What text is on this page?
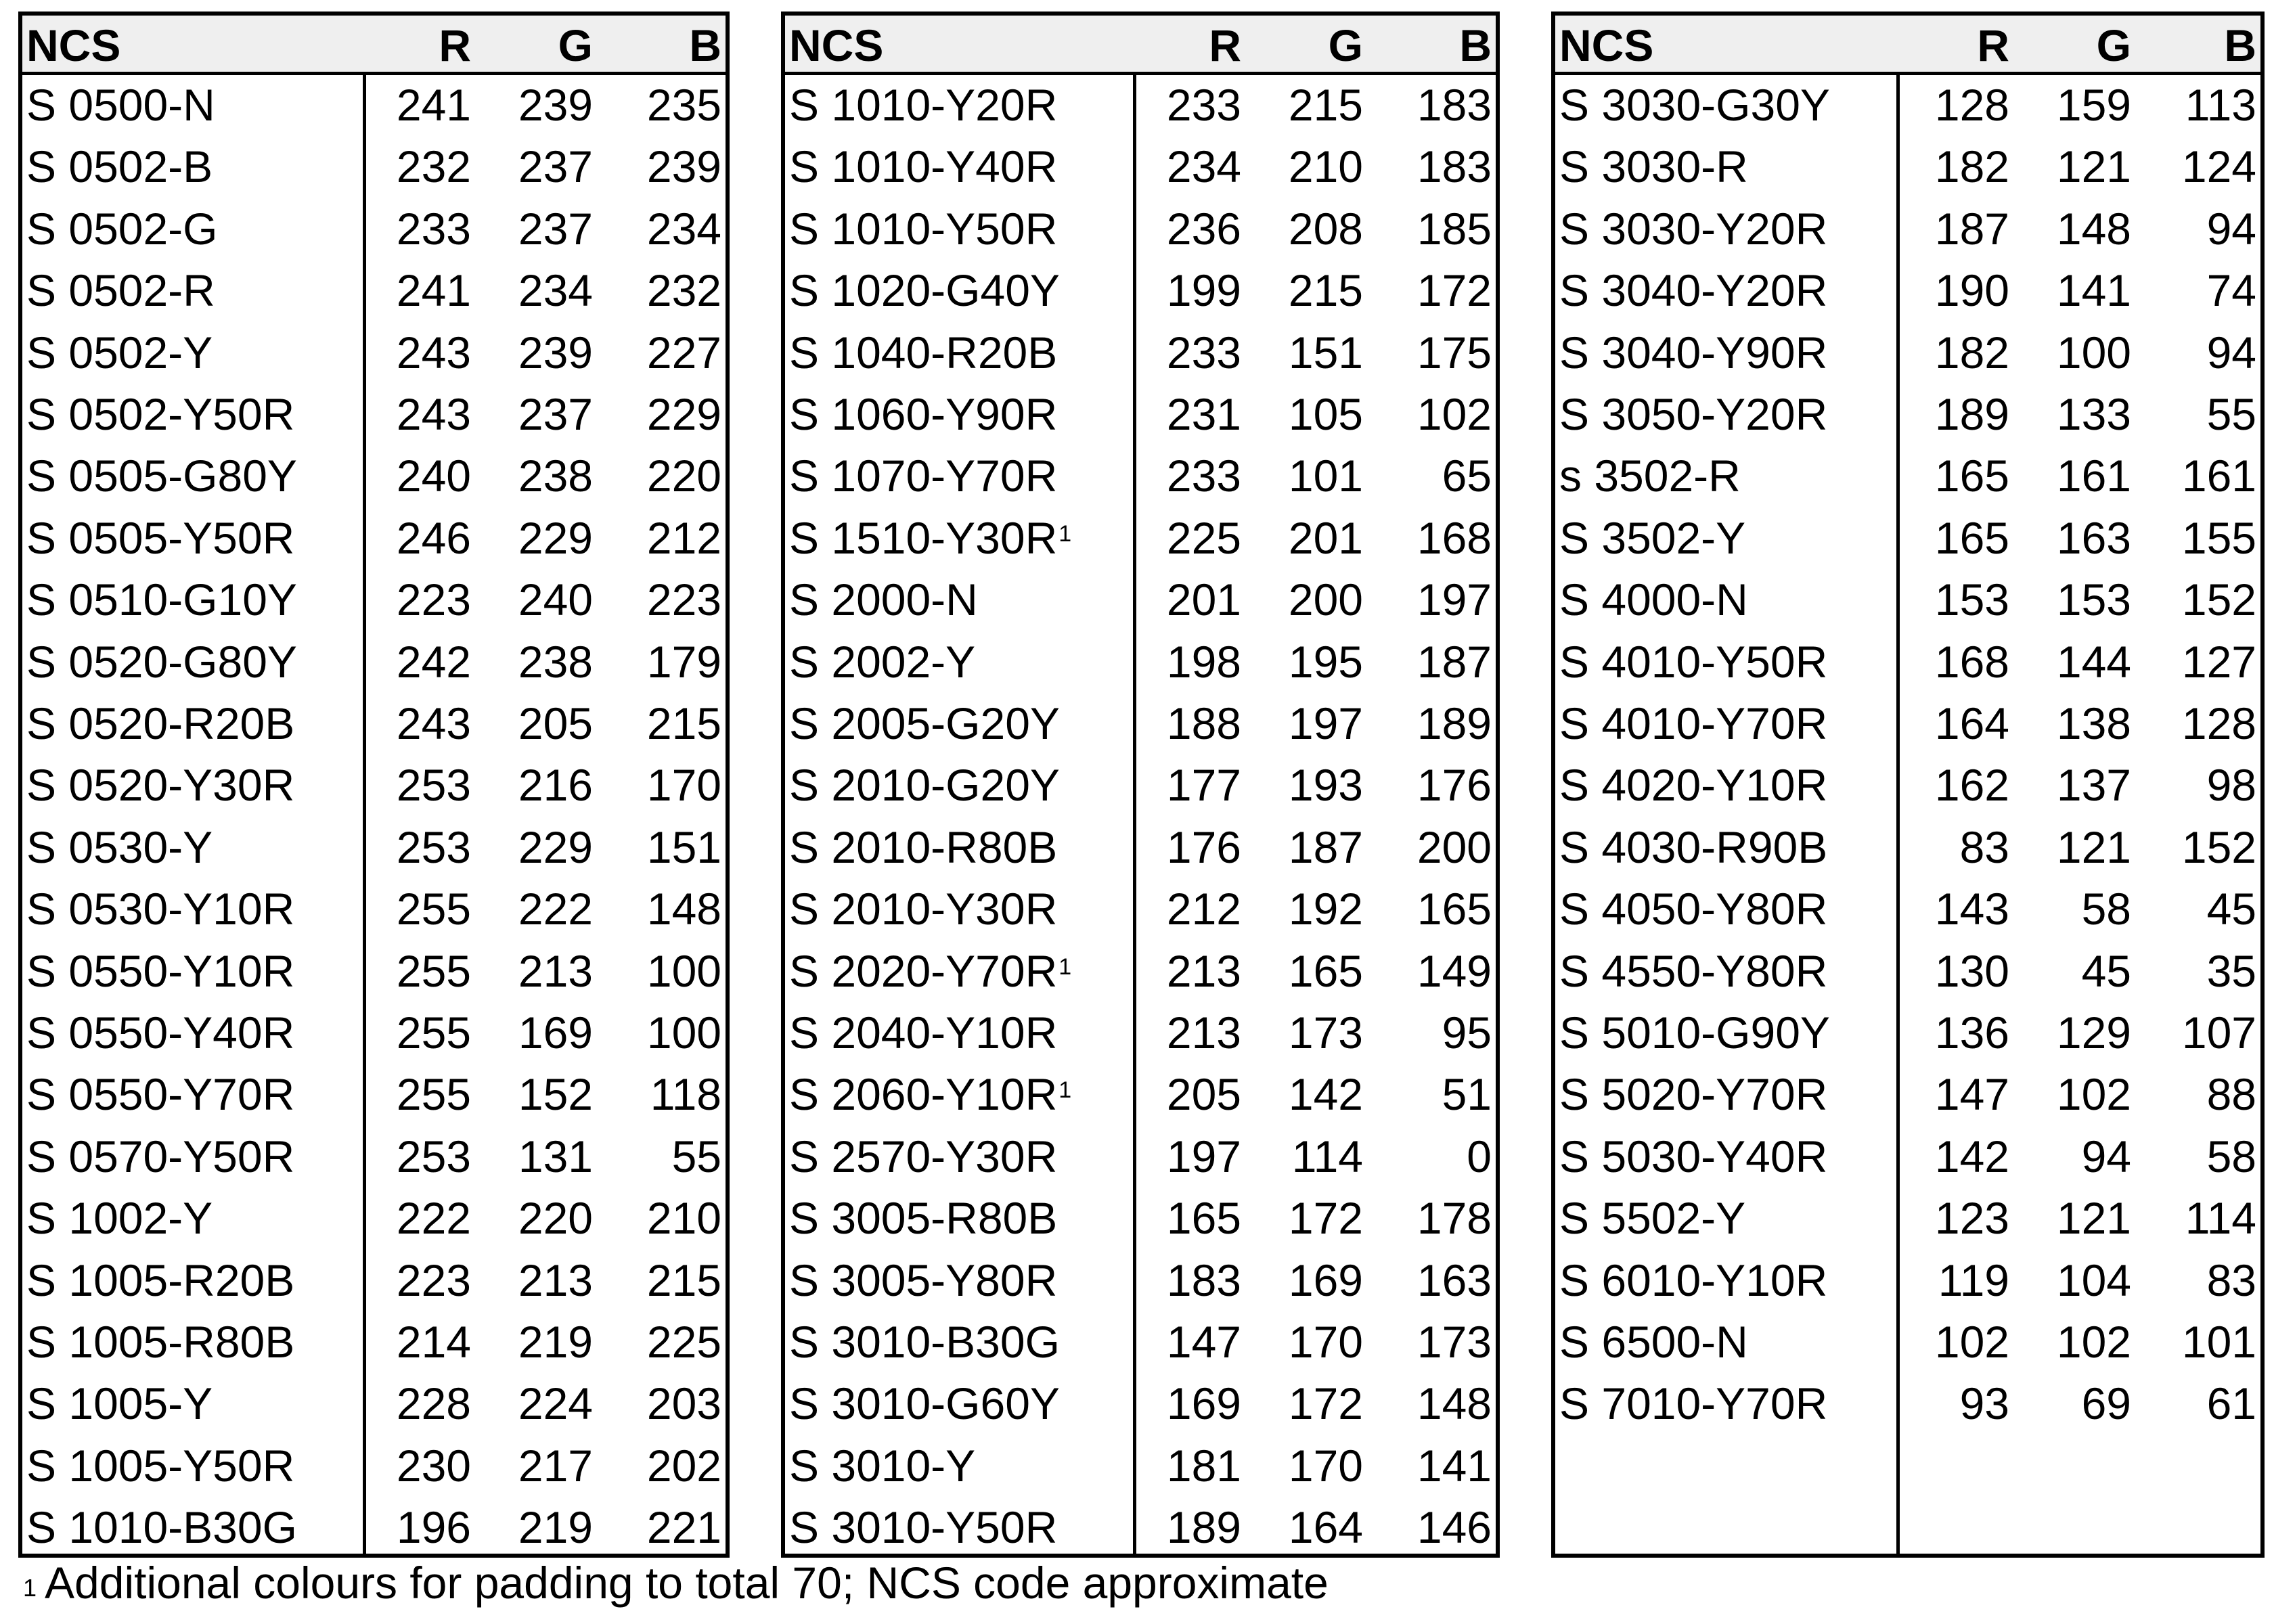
NCS	R G B
S 0500-N	241 239 235
S 0502-B	232 237 239
S 0502-G	233 237 234
S 0502-R	241 234 232
S 0502-Y	243 239 227
S 0502-Y50R 243 237 229
S 0505-G80Y 240 238 220
S 0505-Y50R 246 229 212
S 0510-G10Y 223 240 223
S 0520-G80Y 242 238 179
S 0520-R20B 243 205 215
S 0520-Y30R 253 216 170
S 0530-Y	253 229 151
S 0530-Y10R 255 222 148
S 0550-Y10R 255 213 100
S 0550-Y40R 255 169 100
S 0550-Y70R 255 152 118
S 0570-Y50R 253 131 55
S 1002-Y	222 220 210
S 1005-R20B 223 213 215
S 1005-R80B 214 219 225
S 1005-Y	228 224 203
S 1005-Y50R 230 217 202
S 1010-B30G 196 219 221
NCS	R G B
S 1010-Y20R 233 215 183
S 1010-Y40R 234 210 183
S 1010-Y50R 236 208 185
S 1020-G40Y 199 215 172
S 1040-R20B 233 151 175
S 1060-Y90R 231 105 102
S 1070-Y70R 233 101 65
S 1510-Y30R$^1$ 225 201 168
S 2000-N	201 200 197
S 2002-Y	198 195 187
S 2005-G20Y 188 197 189
S 2010-G20Y 177 193 176
S 2010-R80B 176 187 200
S 2010-Y30R 212 192 165
S 2020-Y70R$^1$ 213 165 149
S 2040-Y10R 213 173 95
S 2060-Y10R$^1$ 205 142 51
S 2570-Y30R 197 114 0
S 3005-R80B 165 172 178
S 3005-Y80R 183 169 163
S 3010-B30G 147 170 173
S 3010-G60Y 169 172 148
S 3010-Y	181 170 141
S 3010-Y50R 189 164 146
NCS	R G B
S 3030-G30Y 128 159 113
S 3030-R	182 121 124
S 3030-Y20R 187 148 94
S 3040-Y20R 190 141 74
S 3040-Y90R 182 100 94
S 3050-Y20R 189 133 55
s 3502-R	165 161 161
S 3502-Y	165 163 155
S 4000-N	153 153 152
S 4010-Y50R 168 144 127
S 4010-Y70R 164 138 128
S 4020-Y10R 162 137 98
S 4030-R90B	83 121 152
S 4050-Y80R 143 58 45
S 4550-Y80R 130 45 35
S 5010-G90Y 136 129 107
S 5020-Y70R 147 102 88
S 5030-Y40R 142 94 58
S 5502-Y	123 121 114
S 6010-Y10R 119 104 83
S 6500-N	102 102 101
S 7010-Y70R	93 69 61
$^1$ Additional colours for padding to total 70; NCS code approximate
